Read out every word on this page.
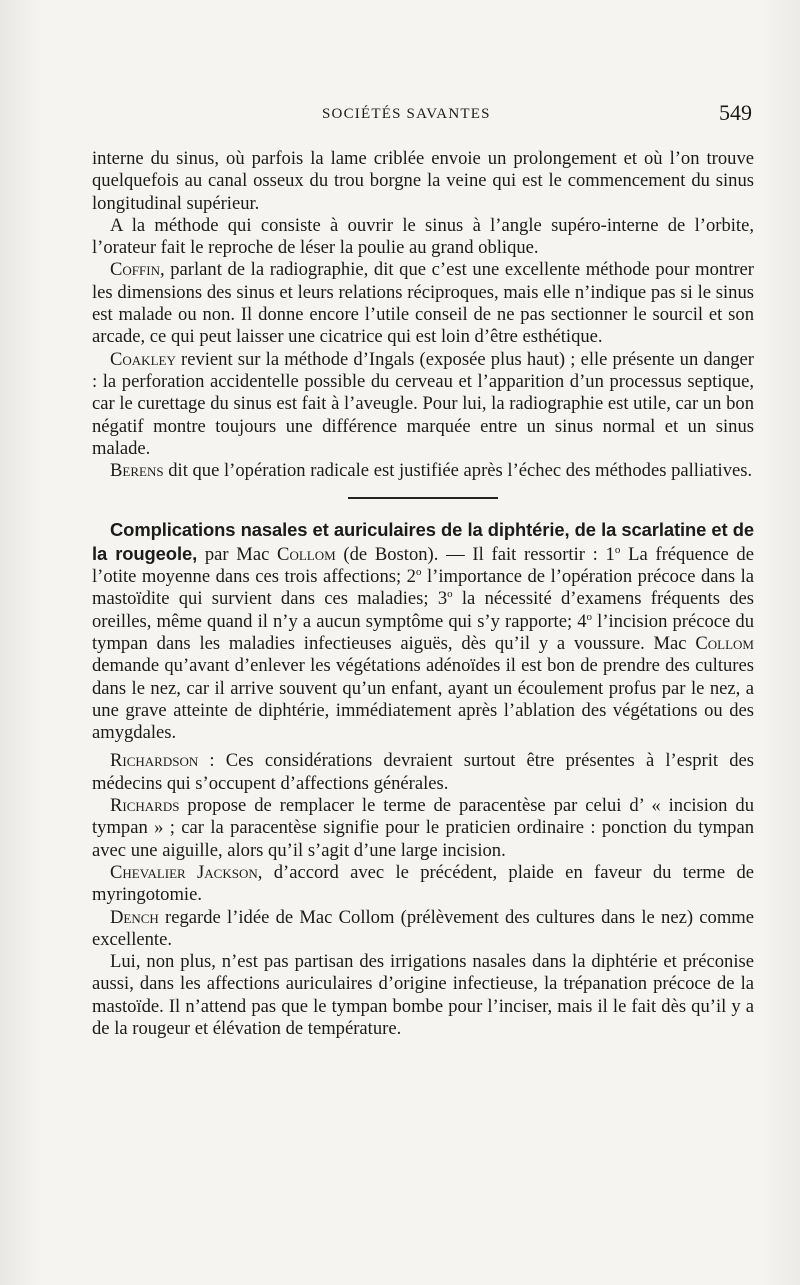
SOCIÉTÉS SAVANTES	549

interne du sinus, où parfois la lame criblée envoie un prolongement et où l’on trouve quelquefois au canal osseux du trou borgne la veine qui est le commencement du sinus longitudinal supérieur.

A la méthode qui consiste à ouvrir le sinus à l’angle supéro-interne de l’orbite, l’orateur fait le reproche de léser la poulie au grand oblique.

Coffin, parlant de la radiographie, dit que c’est une excellente méthode pour montrer les dimensions des sinus et leurs relations réciproques, mais elle n’indique pas si le sinus est malade ou non. Il donne encore l’utile conseil de ne pas sectionner le sourcil et son arcade, ce qui peut laisser une cicatrice qui est loin d’être esthétique.

Coakley revient sur la méthode d’Ingals (exposée plus haut) ; elle présente un danger : la perforation accidentelle possible du cerveau et l’apparition d’un processus septique, car le curettage du sinus est fait à l’aveugle. Pour lui, la radiographie est utile, car un bon négatif montre toujours une différence marquée entre un sinus normal et un sinus malade.

Berens dit que l’opération radicale est justifiée après l’échec des méthodes palliatives.

Complications nasales et auriculaires de la diphtérie, de la scarlatine et de la rougeole, par Mac Collom (de Boston). — Il fait ressortir : 1$^o$ La fréquence de l’otite moyenne dans ces trois affections; 2$^o$ l’importance de l’opération précoce dans la mastoïdite qui survient dans ces maladies; 3$^o$ la nécessité d’examens fréquents des oreilles, même quand il n’y a aucun symptôme qui s’y rapporte; 4$^o$ l’incision précoce du tympan dans les maladies infectieuses aiguës, dès qu’il y a voussure. Mac Collom demande qu’avant d’enlever les végétations adénoïdes il est bon de prendre des cultures dans le nez, car il arrive souvent qu’un enfant, ayant un écoulement profus par le nez, a une grave atteinte de diphtérie, immédiatement après l’ablation des végétations ou des amygdales.

Richardson : Ces considérations devraient surtout être présentes à l’esprit des médecins qui s’occupent d’affections générales.

Richards propose de remplacer le terme de paracentèse par celui d’ « incision du tympan » ; car la paracentèse signifie pour le praticien ordinaire : ponction du tympan avec une aiguille, alors qu’il s’agit d’une large incision.

Chevalier Jackson, d’accord avec le précédent, plaide en faveur du terme de myringotomie.

Dench regarde l’idée de Mac Collom (prélèvement des cultures dans le nez) comme excellente.

Lui, non plus, n’est pas partisan des irrigations nasales dans la diphtérie et préconise aussi, dans les affections auriculaires d’origine infectieuse, la trépanation précoce de la mastoïde. Il n’attend pas que le tympan bombe pour l’inciser, mais il le fait dès qu’il y a de la rougeur et élévation de température.
